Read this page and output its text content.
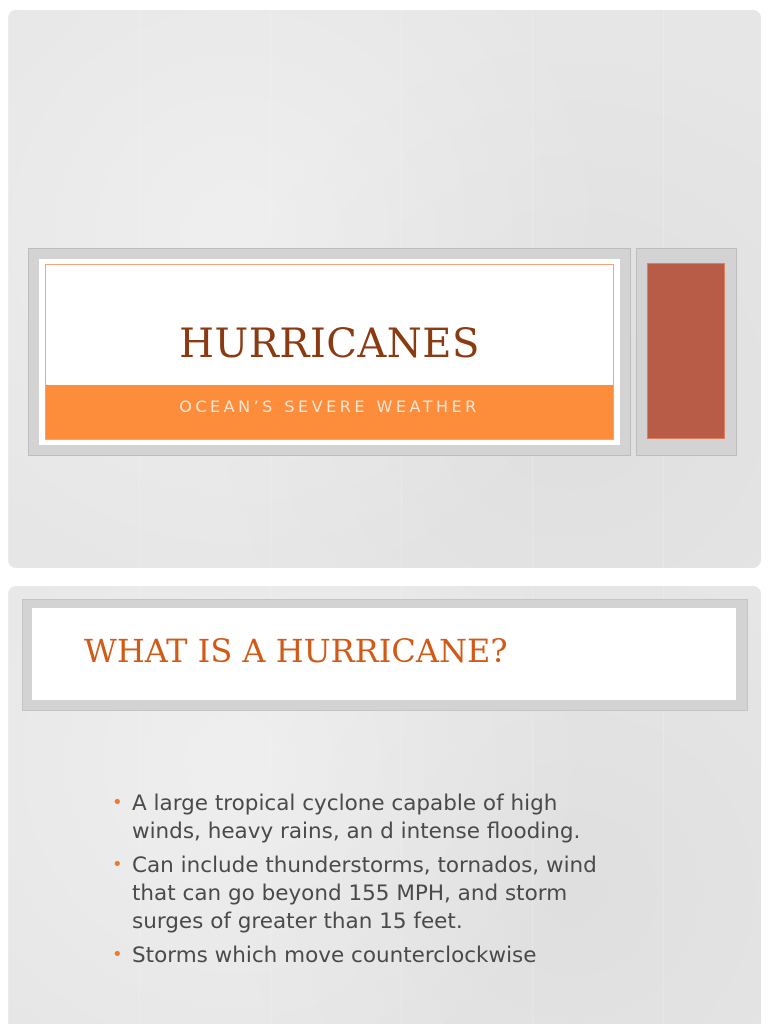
HURRICANES
OCEAN’S SEVERE WEATHER
WHAT IS A HURRICANE?
• A large tropical cyclone capable of high winds, heavy rains, an d intense flooding.
• Can include thunderstorms, tornados, wind that can go beyond 155 MPH, and storm surges of greater than 15 feet.
• Storms which move counterclockwise
